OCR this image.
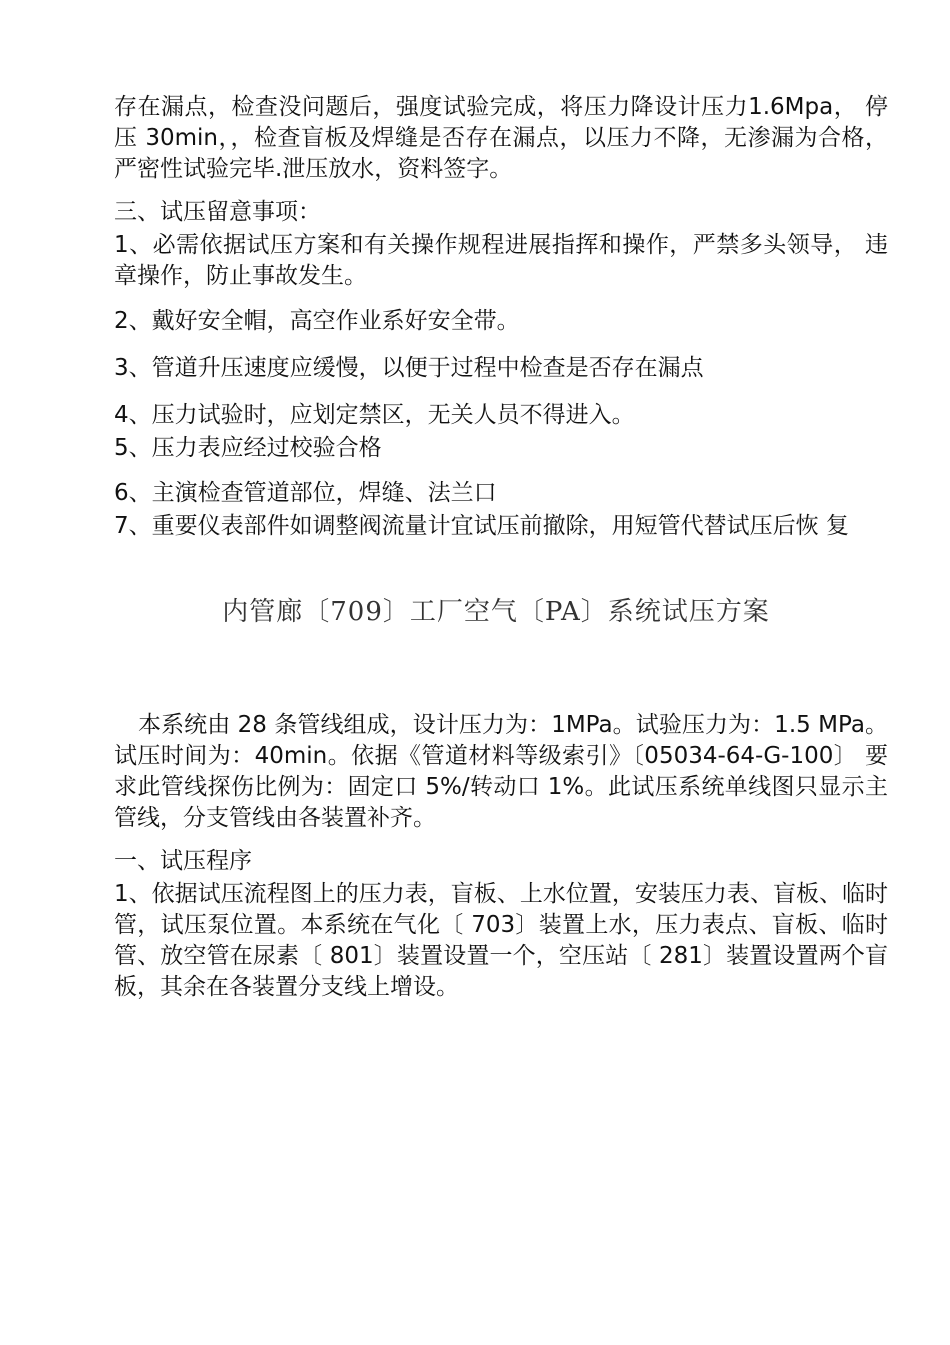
存在漏点，检查没问题后，强度试验完成，将压力降设计压力1.6Mpa， 停压 30min，，检查盲板及焊缝是否存在漏点，以压力不降，无渗漏为合格，严密性试验完毕.泄压放水，资料签字。

三、试压留意事项：

1、必需依据试压方案和有关操作规程进展指挥和操作，严禁多头领导， 违章操作，防止事故发生。

2、戴好安全帽，高空作业系好安全带。

3、管道升压速度应缓慢，以便于过程中检查是否存在漏点

4、压力试验时，应划定禁区，无关人员不得进入。

5、压力表应经过校验合格

6、主演检查管道部位，焊缝、法兰口

7、重要仪表部件如调整阀流量计宜试压前撤除，用短管代替试压后恢 复

内管廊〔709〕工厂空气〔PA〕系统试压方案

本系统由 28 条管线组成，设计压力为：1MPa。试验压力为：1.5 MPa。试压时间为：40min。依据《管道材料等级索引》〔05034-64-G-100〕 要求此管线探伤比例为：固定口 5%/转动口 1%。此试压系统单线图只显示主管线，分支管线由各装置补齐。

一、试压程序

1、依据试压流程图上的压力表，盲板、上水位置，安装压力表、盲板、临时管，试压泵位置。本系统在气化〔 703〕装置上水，压力表点、盲板、临时管、放空管在尿素〔 801〕装置设置一个，空压站〔 281〕装置设置两个盲板，其余在各装置分支线上增设。
